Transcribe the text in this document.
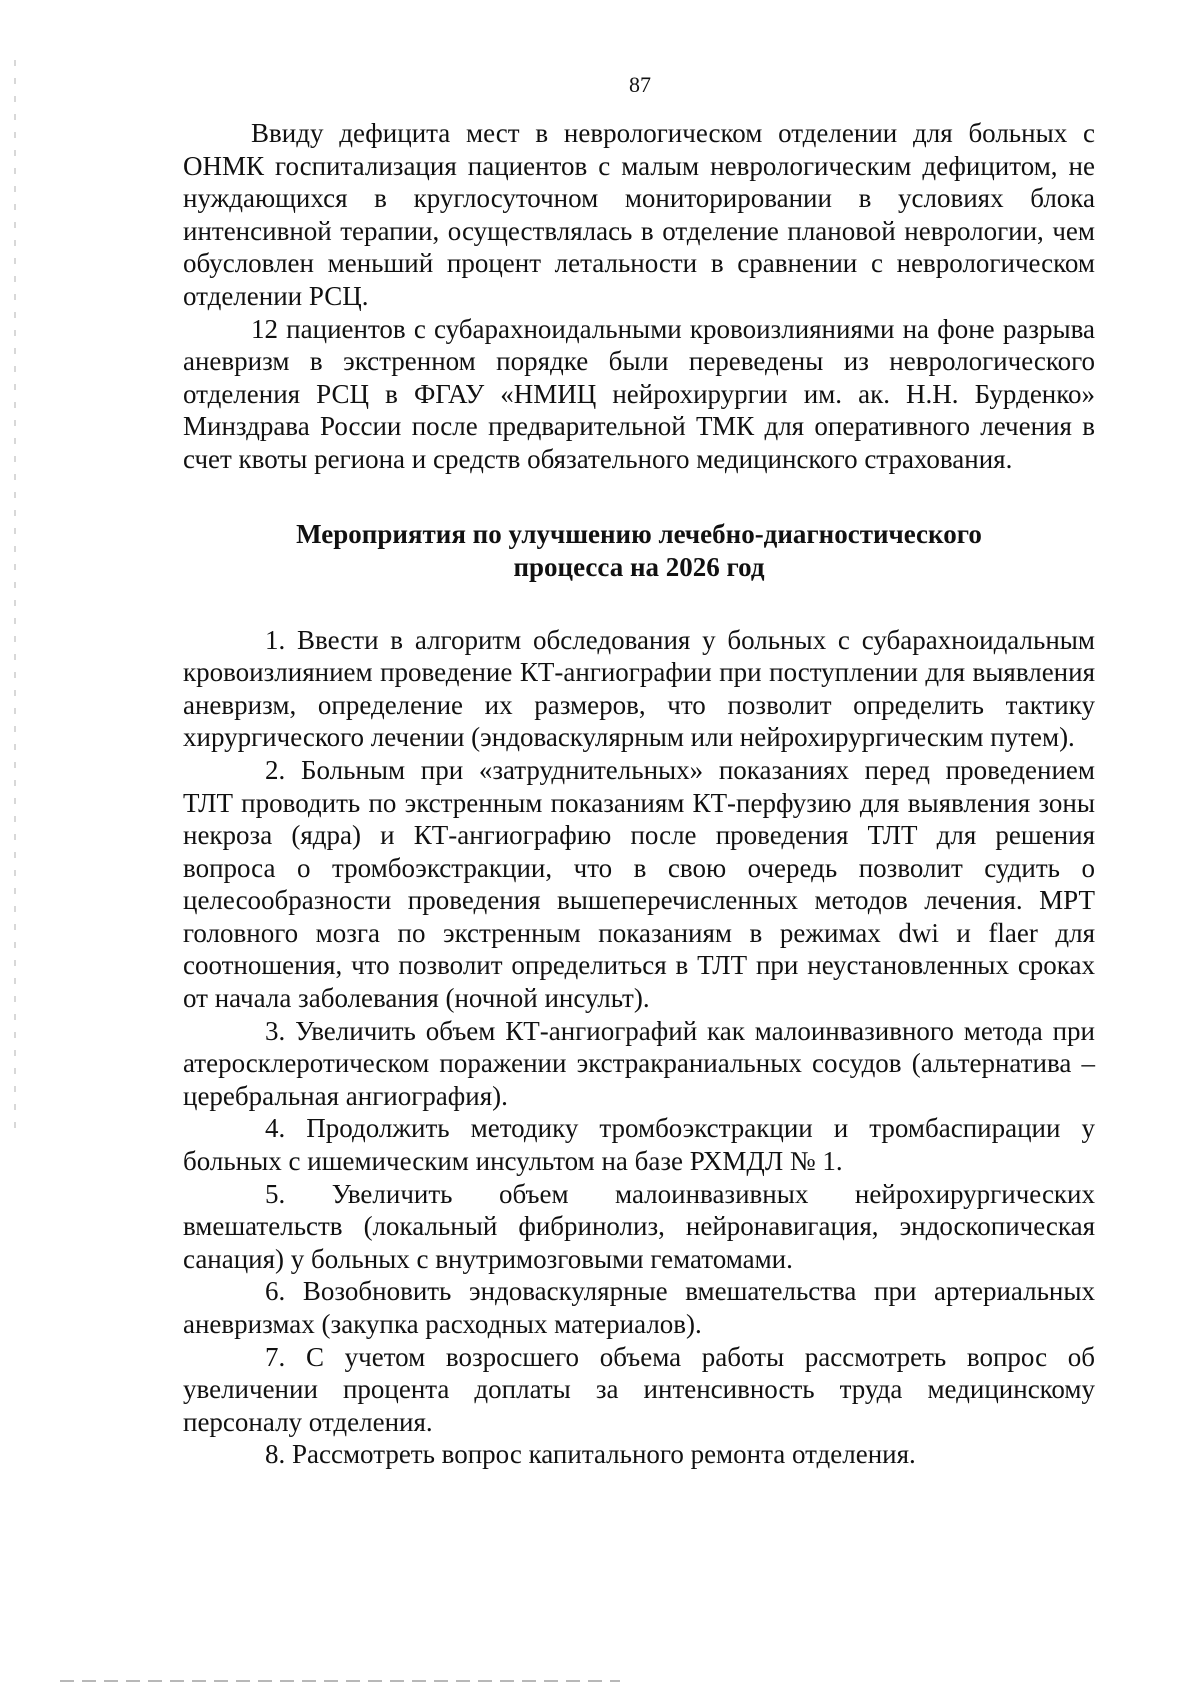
87

Ввиду дефицита мест в неврологическом отделении для больных с ОНМК госпитализация пациентов с малым неврологическим дефицитом, не нуждающихся в круглосуточном мониторировании в условиях блока интенсивной терапии, осуществлялась в отделение плановой неврологии, чем обусловлен меньший процент летальности в сравнении с неврологическом отделении РСЦ.

12 пациентов с субарахноидальными кровоизлияниями на фоне разрыва аневризм в экстренном порядке были переведены из неврологического отделения РСЦ в ФГАУ «НМИЦ нейрохирургии им. ак. Н.Н. Бурденко» Минздрава России после предварительной ТМК для оперативного лечения в счет квоты региона и средств обязательного медицинского страхования.

Мероприятия по улучшению лечебно-диагностического
процесса на 2026 год

1. Ввести в алгоритм обследования у больных с субарахноидальным кровоизлиянием проведение КТ-ангиографии при поступлении для выявления аневризм, определение их размеров, что позволит определить тактику хирургического лечении (эндоваскулярным или нейрохирургическим путем).

2. Больным при «затруднительных» показаниях перед проведением ТЛТ проводить по экстренным показаниям КТ-перфузию для выявления зоны некроза (ядра) и КТ-ангиографию после проведения ТЛТ для решения вопроса о тромбоэкстракции, что в свою очередь позволит судить о целесообразности проведения вышеперечисленных методов лечения. МРТ головного мозга по экстренным показаниям в режимах dwi и flaer для соотношения, что позволит определиться в ТЛТ при неустановленных сроках от начала заболевания (ночной инсульт).

3. Увеличить объем КТ-ангиографий как малоинвазивного метода при атеросклеротическом поражении экстракраниальных сосудов (альтернатива – церебральная ангиография).

4. Продолжить методику тромбоэкстракции и тромбаспирации у больных с ишемическим инсультом на базе РХМДЛ № 1.

5. Увеличить объем малоинвазивных нейрохирургических вмешательств (локальный фибринолиз, нейронавигация, эндоскопическая санация) у больных с внутримозговыми гематомами.

6. Возобновить эндоваскулярные вмешательства при артериальных аневризмах (закупка расходных материалов).

7. С учетом возросшего объема работы рассмотреть вопрос об увеличении процента доплаты за интенсивность труда медицинскому персоналу отделения.

8. Рассмотреть вопрос капитального ремонта отделения.
